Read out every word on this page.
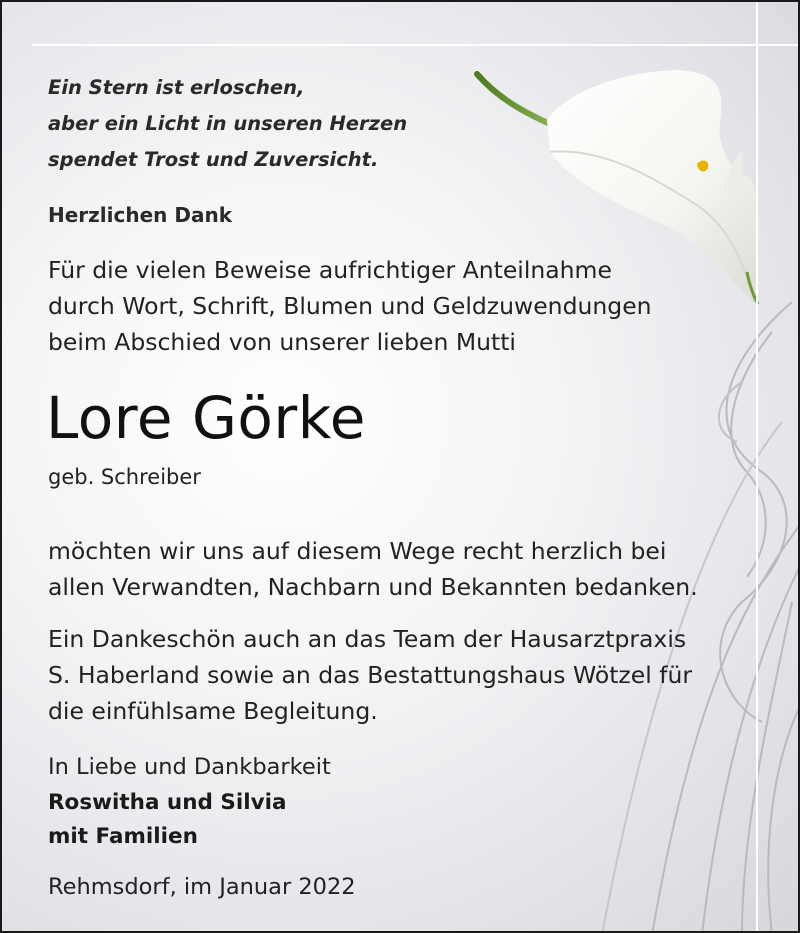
Ein Stern ist erloschen,
aber ein Licht in unseren Herzen
spendet Trost und Zuversicht.
Herzlichen Dank
Für die vielen Beweise aufrichtiger Anteilnahme
durch Wort, Schrift, Blumen und Geldzuwendungen
beim Abschied von unserer lieben Mutti
Lore Görke
geb. Schreiber
möchten wir uns auf diesem Wege recht herzlich bei
allen Verwandten, Nachbarn und Bekannten bedanken.
Ein Dankeschön auch an das Team der Hausarztpraxis
S. Haberland sowie an das Bestattungshaus Wötzel für
die einfühlsame Begleitung.
In Liebe und Dankbarkeit
Roswitha und Silvia
mit Familien
Rehmsdorf, im Januar 2022
